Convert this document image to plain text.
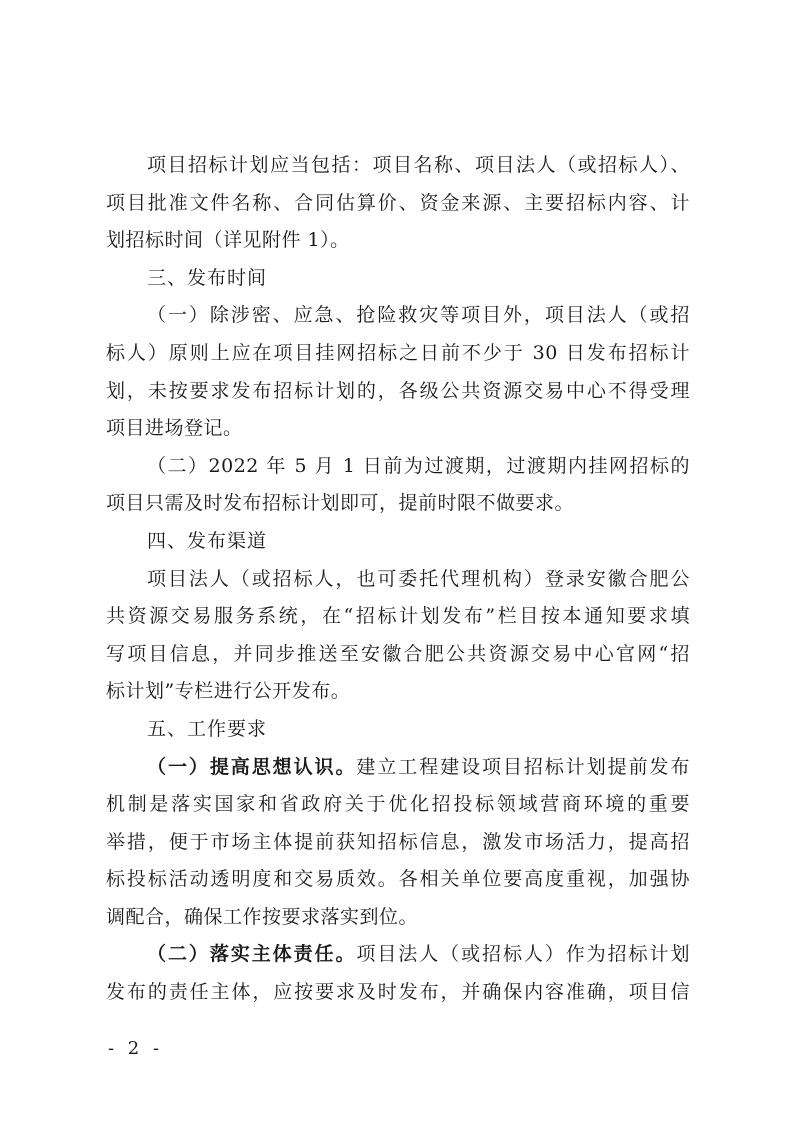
项目招标计划应当包括：项目名称、项目法人（或招标人）、
项目批准文件名称、合同估算价、资金来源、主要招标内容、计
划招标时间（详见附件 1）。
三、发布时间
（一）除涉密、应急、抢险救灾等项目外，项目法人（或招
标人）原则上应在项目挂网招标之日前不少于 30 日发布招标计
划，未按要求发布招标计划的，各级公共资源交易中心不得受理
项目进场登记。
（二）2022 年 5 月 1 日前为过渡期，过渡期内挂网招标的
项目只需及时发布招标计划即可，提前时限不做要求。
四、发布渠道
项目法人（或招标人，也可委托代理机构）登录安徽合肥公
共资源交易服务系统，在“招标计划发布”栏目按本通知要求填
写项目信息，并同步推送至安徽合肥公共资源交易中心官网“招
标计划”专栏进行公开发布。
五、工作要求
（一）提高思想认识。建立工程建设项目招标计划提前发布
机制是落实国家和省政府关于优化招投标领域营商环境的重要
举措，便于市场主体提前获知招标信息，激发市场活力，提高招
标投标活动透明度和交易质效。各相关单位要高度重视，加强协
调配合，确保工作按要求落实到位。
（二）落实主体责任。项目法人（或招标人）作为招标计划
发布的责任主体，应按要求及时发布，并确保内容准确，项目信
- 2 -
